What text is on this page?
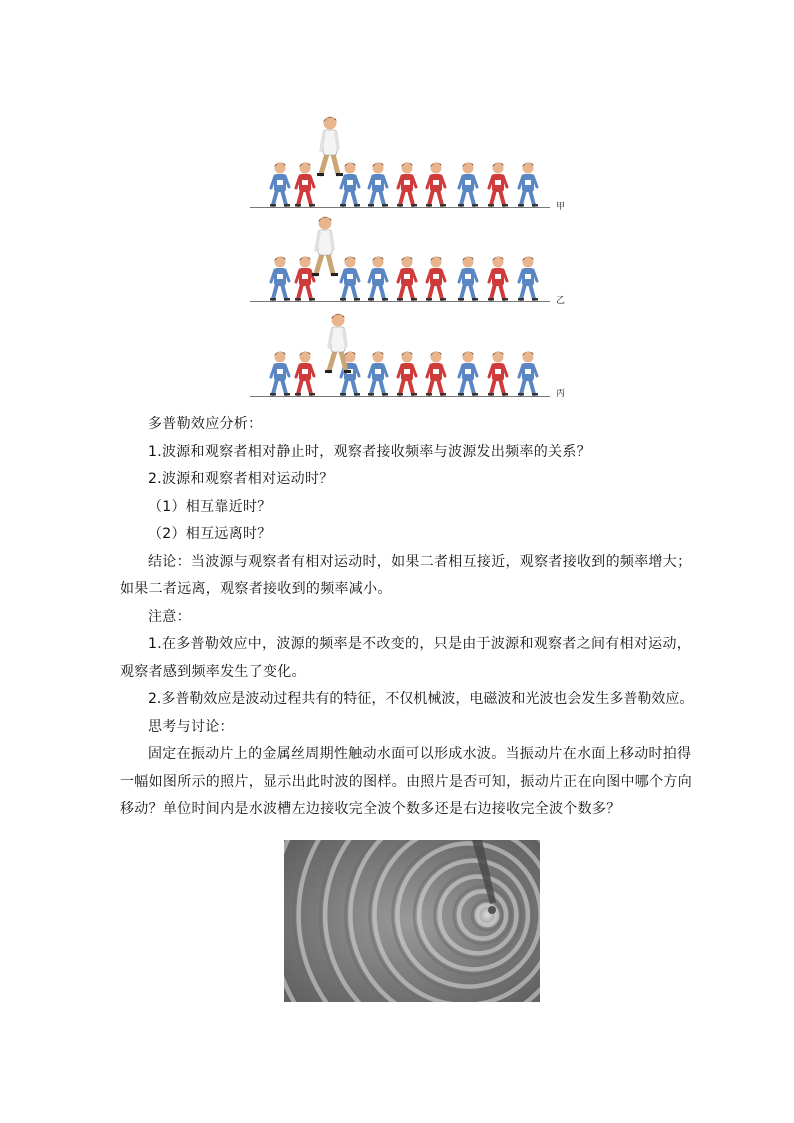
甲
乙
丙
多普勒效应分析：
1.波源和观察者相对静止时，观察者接收频率与波源发出频率的关系？
2.波源和观察者相对运动时？
（1）相互靠近时？
（2）相互远离时？
结论：当波源与观察者有相对运动时，如果二者相互接近，观察者接收到的频率增大；
如果二者远离，观察者接收到的频率减小。
注意：
1.在多普勒效应中，波源的频率是不改变的，只是由于波源和观察者之间有相对运动，
观察者感到频率发生了变化。
2.多普勒效应是波动过程共有的特征，不仅机械波，电磁波和光波也会发生多普勒效应。
思考与讨论：
固定在振动片上的金属丝周期性触动水面可以形成水波。当振动片在水面上移动时拍得
一幅如图所示的照片，显示出此时波的图样。由照片是否可知，振动片正在向图中哪个方向
移动？单位时间内是水波槽左边接收完全波个数多还是右边接收完全波个数多？
